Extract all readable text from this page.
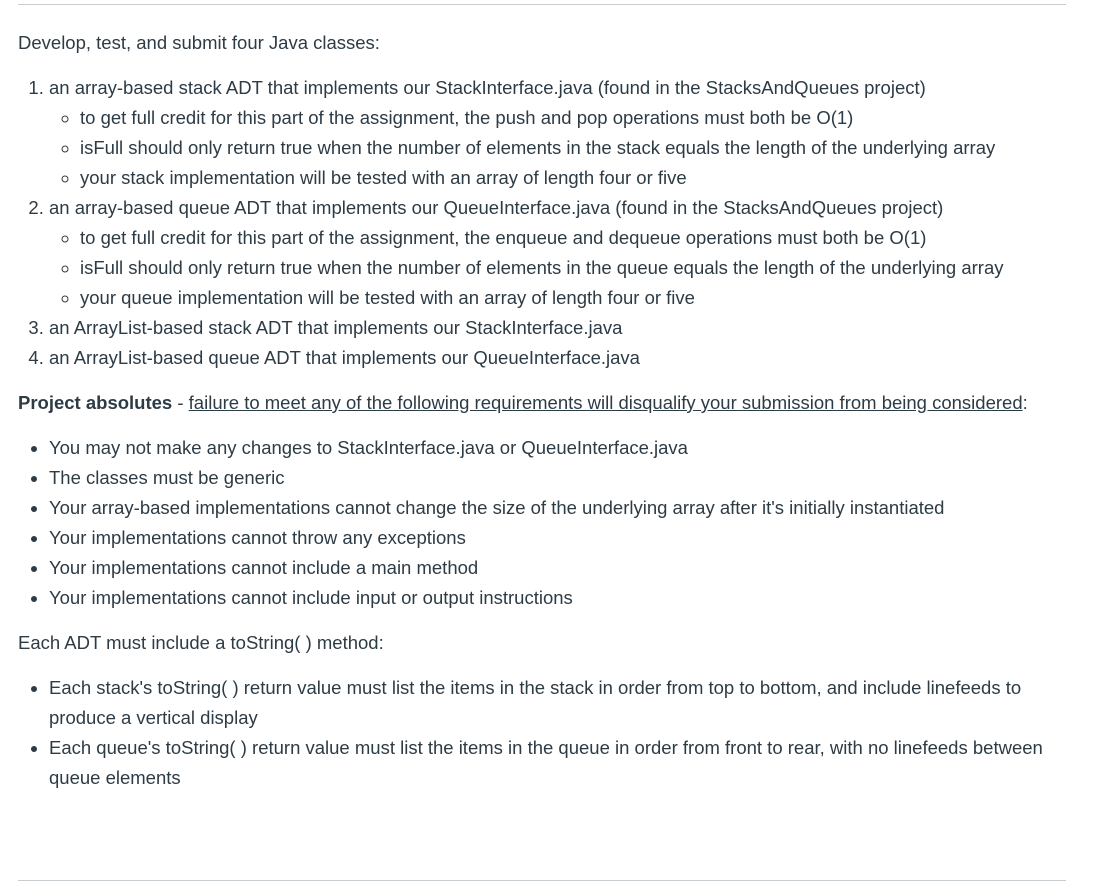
Develop, test, and submit four Java classes:

1. an array-based stack ADT that implements our StackInterface.java (found in the StacksAndQueues project)
◦ to get full credit for this part of the assignment, the push and pop operations must both be O(1)
◦ isFull should only return true when the number of elements in the stack equals the length of the underlying array
◦ your stack implementation will be tested with an array of length four or five
2. an array-based queue ADT that implements our QueueInterface.java (found in the StacksAndQueues project)
◦ to get full credit for this part of the assignment, the enqueue and dequeue operations must both be O(1)
◦ isFull should only return true when the number of elements in the queue equals the length of the underlying array
◦ your queue implementation will be tested with an array of length four or five
3. an ArrayList-based stack ADT that implements our StackInterface.java
4. an ArrayList-based queue ADT that implements our QueueInterface.java

Project absolutes - failure to meet any of the following requirements will disqualify your submission from being considered:

• You may not make any changes to StackInterface.java or QueueInterface.java
• The classes must be generic
• Your array-based implementations cannot change the size of the underlying array after it's initially instantiated
• Your implementations cannot throw any exceptions
• Your implementations cannot include a main method
• Your implementations cannot include input or output instructions

Each ADT must include a toString( ) method:

• Each stack's toString( ) return value must list the items in the stack in order from top to bottom, and include linefeeds to produce a vertical display
• Each queue's toString( ) return value must list the items in the queue in order from front to rear, with no linefeeds between queue elements
